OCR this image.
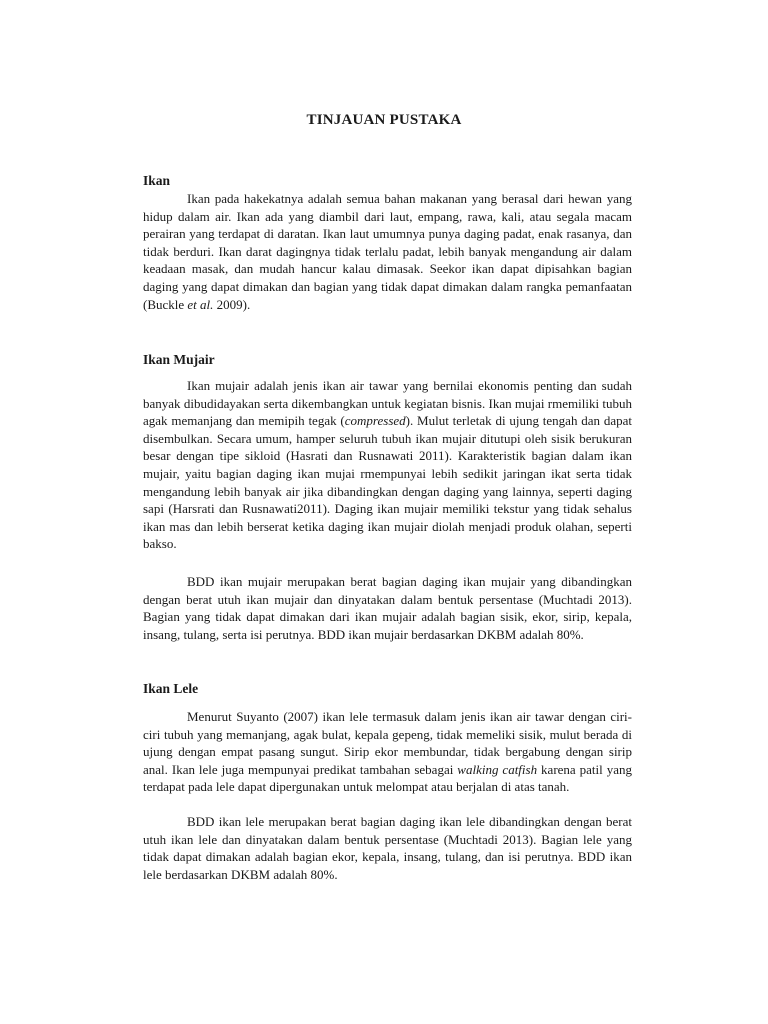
TINJAUAN PUSTAKA
Ikan

Ikan pada hakekatnya adalah semua bahan makanan yang berasal dari hewan yang hidup dalam air. Ikan ada yang diambil dari laut, empang, rawa, kali, atau segala macam perairan yang terdapat di daratan. Ikan laut umumnya punya daging padat, enak rasanya, dan tidak berduri. Ikan darat dagingnya tidak terlalu padat, lebih banyak mengandung air dalam keadaan masak, dan mudah hancur kalau dimasak. Seekor ikan dapat dipisahkan bagian daging yang dapat dimakan dan bagian yang tidak dapat dimakan dalam rangka pemanfaatan (Buckle et al. 2009).

Ikan Mujair

Ikan mujair adalah jenis ikan air tawar yang bernilai ekonomis penting dan sudah banyak dibudidayakan serta dikembangkan untuk kegiatan bisnis. Ikan mujai rmemiliki tubuh agak memanjang dan memipih tegak (compressed). Mulut terletak di ujung tengah dan dapat disembulkan. Secara umum, hamper seluruh tubuh ikan mujair ditutupi oleh sisik berukuran besar dengan tipe sikloid (Hasrati dan Rusnawati 2011). Karakteristik bagian dalam ikan mujair, yaitu bagian daging ikan mujai rmempunyai lebih sedikit jaringan ikat serta tidak mengandung lebih banyak air jika dibandingkan dengan daging yang lainnya, seperti daging sapi (Harsrati dan Rusnawati2011). Daging ikan mujair memiliki tekstur yang tidak sehalus ikan mas dan lebih berserat ketika daging ikan mujair diolah menjadi produk olahan, seperti bakso.

BDD ikan mujair merupakan berat bagian daging ikan mujair yang dibandingkan dengan berat utuh ikan mujair dan dinyatakan dalam bentuk persentase (Muchtadi 2013). Bagian yang tidak dapat dimakan dari ikan mujair adalah bagian sisik, ekor, sirip, kepala, insang, tulang, serta isi perutnya. BDD ikan mujair berdasarkan DKBM adalah 80%.

Ikan Lele

Menurut Suyanto (2007) ikan lele termasuk dalam jenis ikan air tawar dengan ciri-ciri tubuh yang memanjang, agak bulat, kepala gepeng, tidak memeliki sisik, mulut berada di ujung dengan empat pasang sungut. Sirip ekor membundar, tidak bergabung dengan sirip anal. Ikan lele juga mempunyai predikat tambahan sebagai walking catfish karena patil yang terdapat pada lele dapat dipergunakan untuk melompat atau berjalan di atas tanah.

BDD ikan lele merupakan berat bagian daging ikan lele dibandingkan dengan berat utuh ikan lele dan dinyatakan dalam bentuk persentase (Muchtadi 2013). Bagian lele yang tidak dapat dimakan adalah bagian ekor, kepala, insang, tulang, dan isi perutnya. BDD ikan lele berdasarkan DKBM adalah 80%.
